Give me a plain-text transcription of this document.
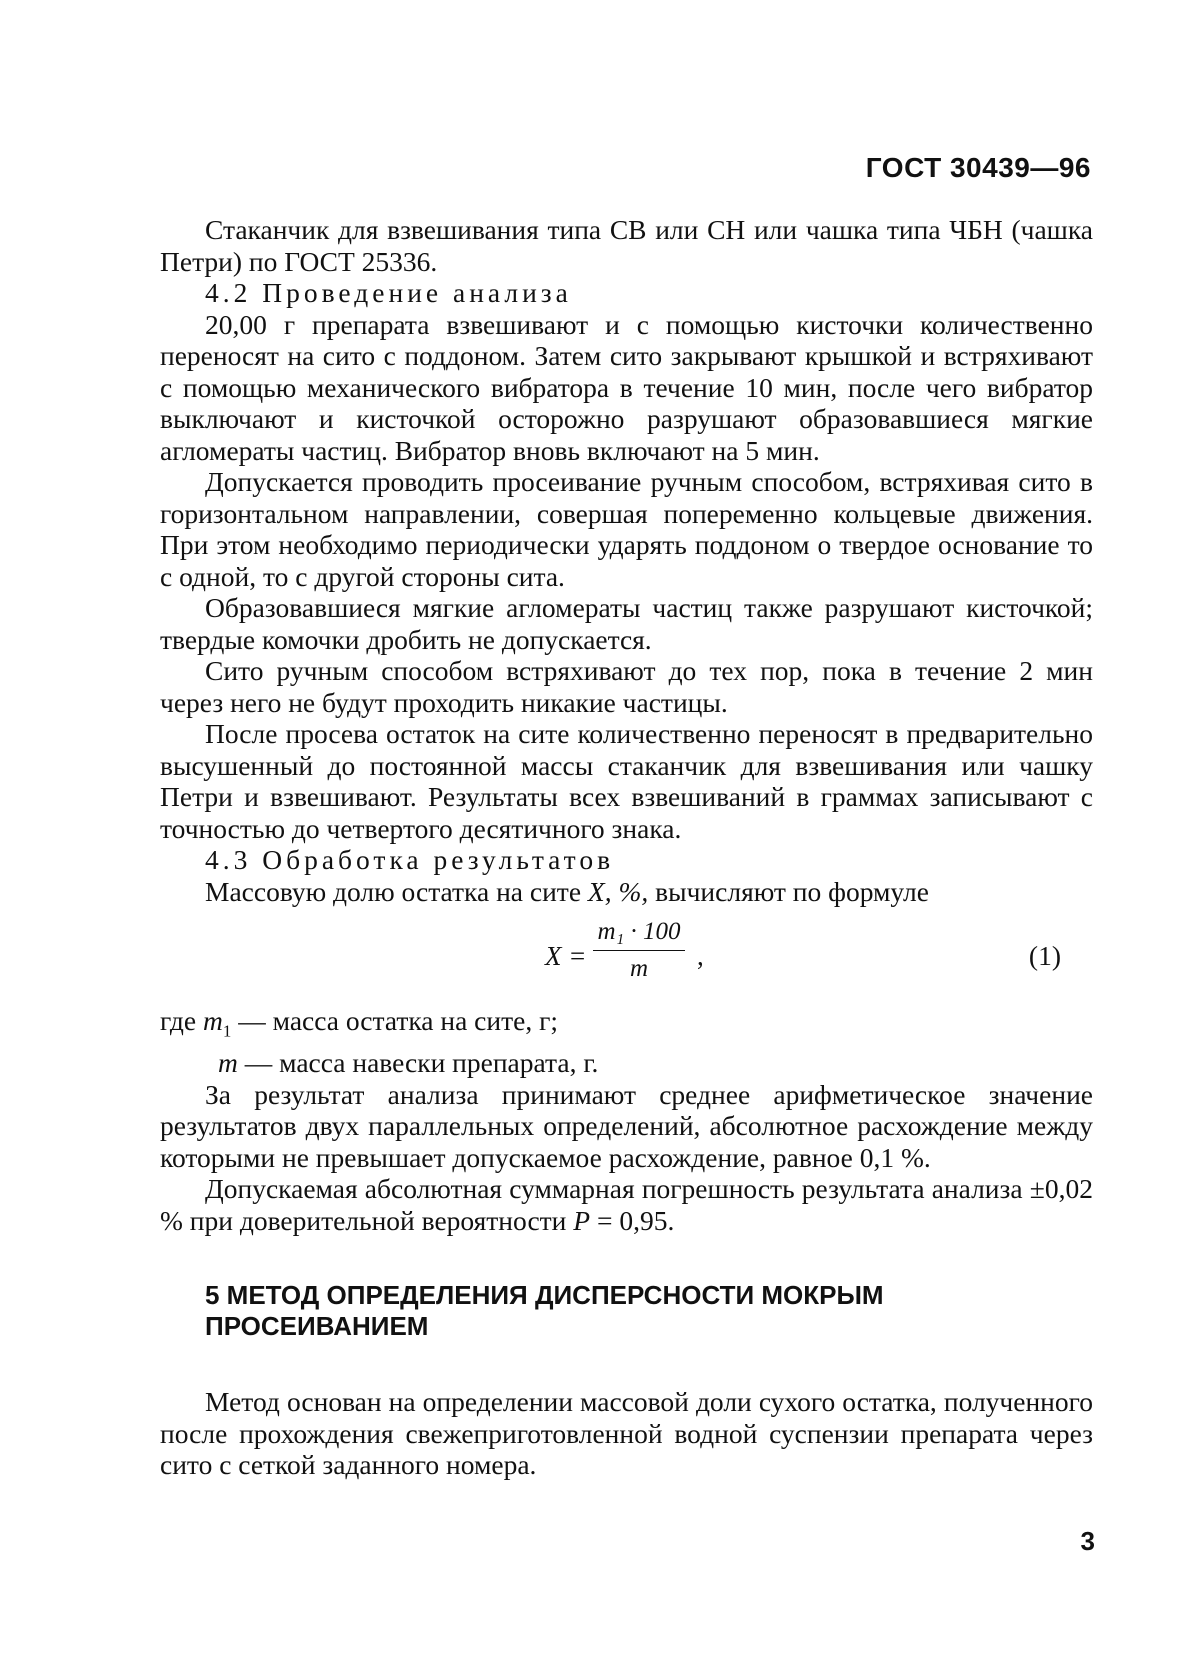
ГОСТ 30439—96

Стаканчик для взвешивания типа СВ или СН или чашка типа ЧБН (чашка Петри) по ГОСТ 25336.

4.2 Проведение анализа

20,00 г препарата взвешивают и с помощью кисточки количественно переносят на сито с поддоном. Затем сито закрывают крышкой и встряхивают с помощью механического вибратора в течение 10 мин, после чего вибратор выключают и кисточкой осторожно разрушают образовавшиеся мягкие агломераты частиц. Вибратор вновь включают на 5 мин.

Допускается проводить просеивание ручным способом, встряхивая сито в горизонтальном направлении, совершая попеременно кольцевые движения. При этом необходимо периодически ударять поддоном о твердое основание то с одной, то с другой стороны сита.

Образовавшиеся мягкие агломераты частиц также разрушают кисточкой; твердые комочки дробить не допускается.

Сито ручным способом встряхивают до тех пор, пока в течение 2 мин через него не будут проходить никакие частицы.

После просева остаток на сите количественно переносят в предварительно высушенный до постоянной массы стаканчик для взвешивания или чашку Петри и взвешивают. Результаты всех взвешиваний в граммах записывают с точностью до четвертого десятичного знака.

4.3 Обработка результатов

Массовую долю остатка на сите X, %, вычисляют по формуле

X =
m₁ · 100
m	,	(1)

где $m_1$ — масса остатка на сите, г;

m — масса навески препарата, г.

За результат анализа принимают среднее арифметическое значение результатов двух параллельных определений, абсолютное расхождение между которыми не превышает допускаемое расхождение, равное 0,1 %.

Допускаемая абсолютная суммарная погрешность результата анализа ±0,02 % при доверительной вероятности P = 0,95.

5 МЕТОД ОПРЕДЕЛЕНИЯ ДИСПЕРСНОСТИ МОКРЫМ
ПРОСЕИВАНИЕМ

Метод основан на определении массовой доли сухого остатка, полученного после прохождения свежеприготовленной водной суспензии препарата через сито с сеткой заданного номера.

3
